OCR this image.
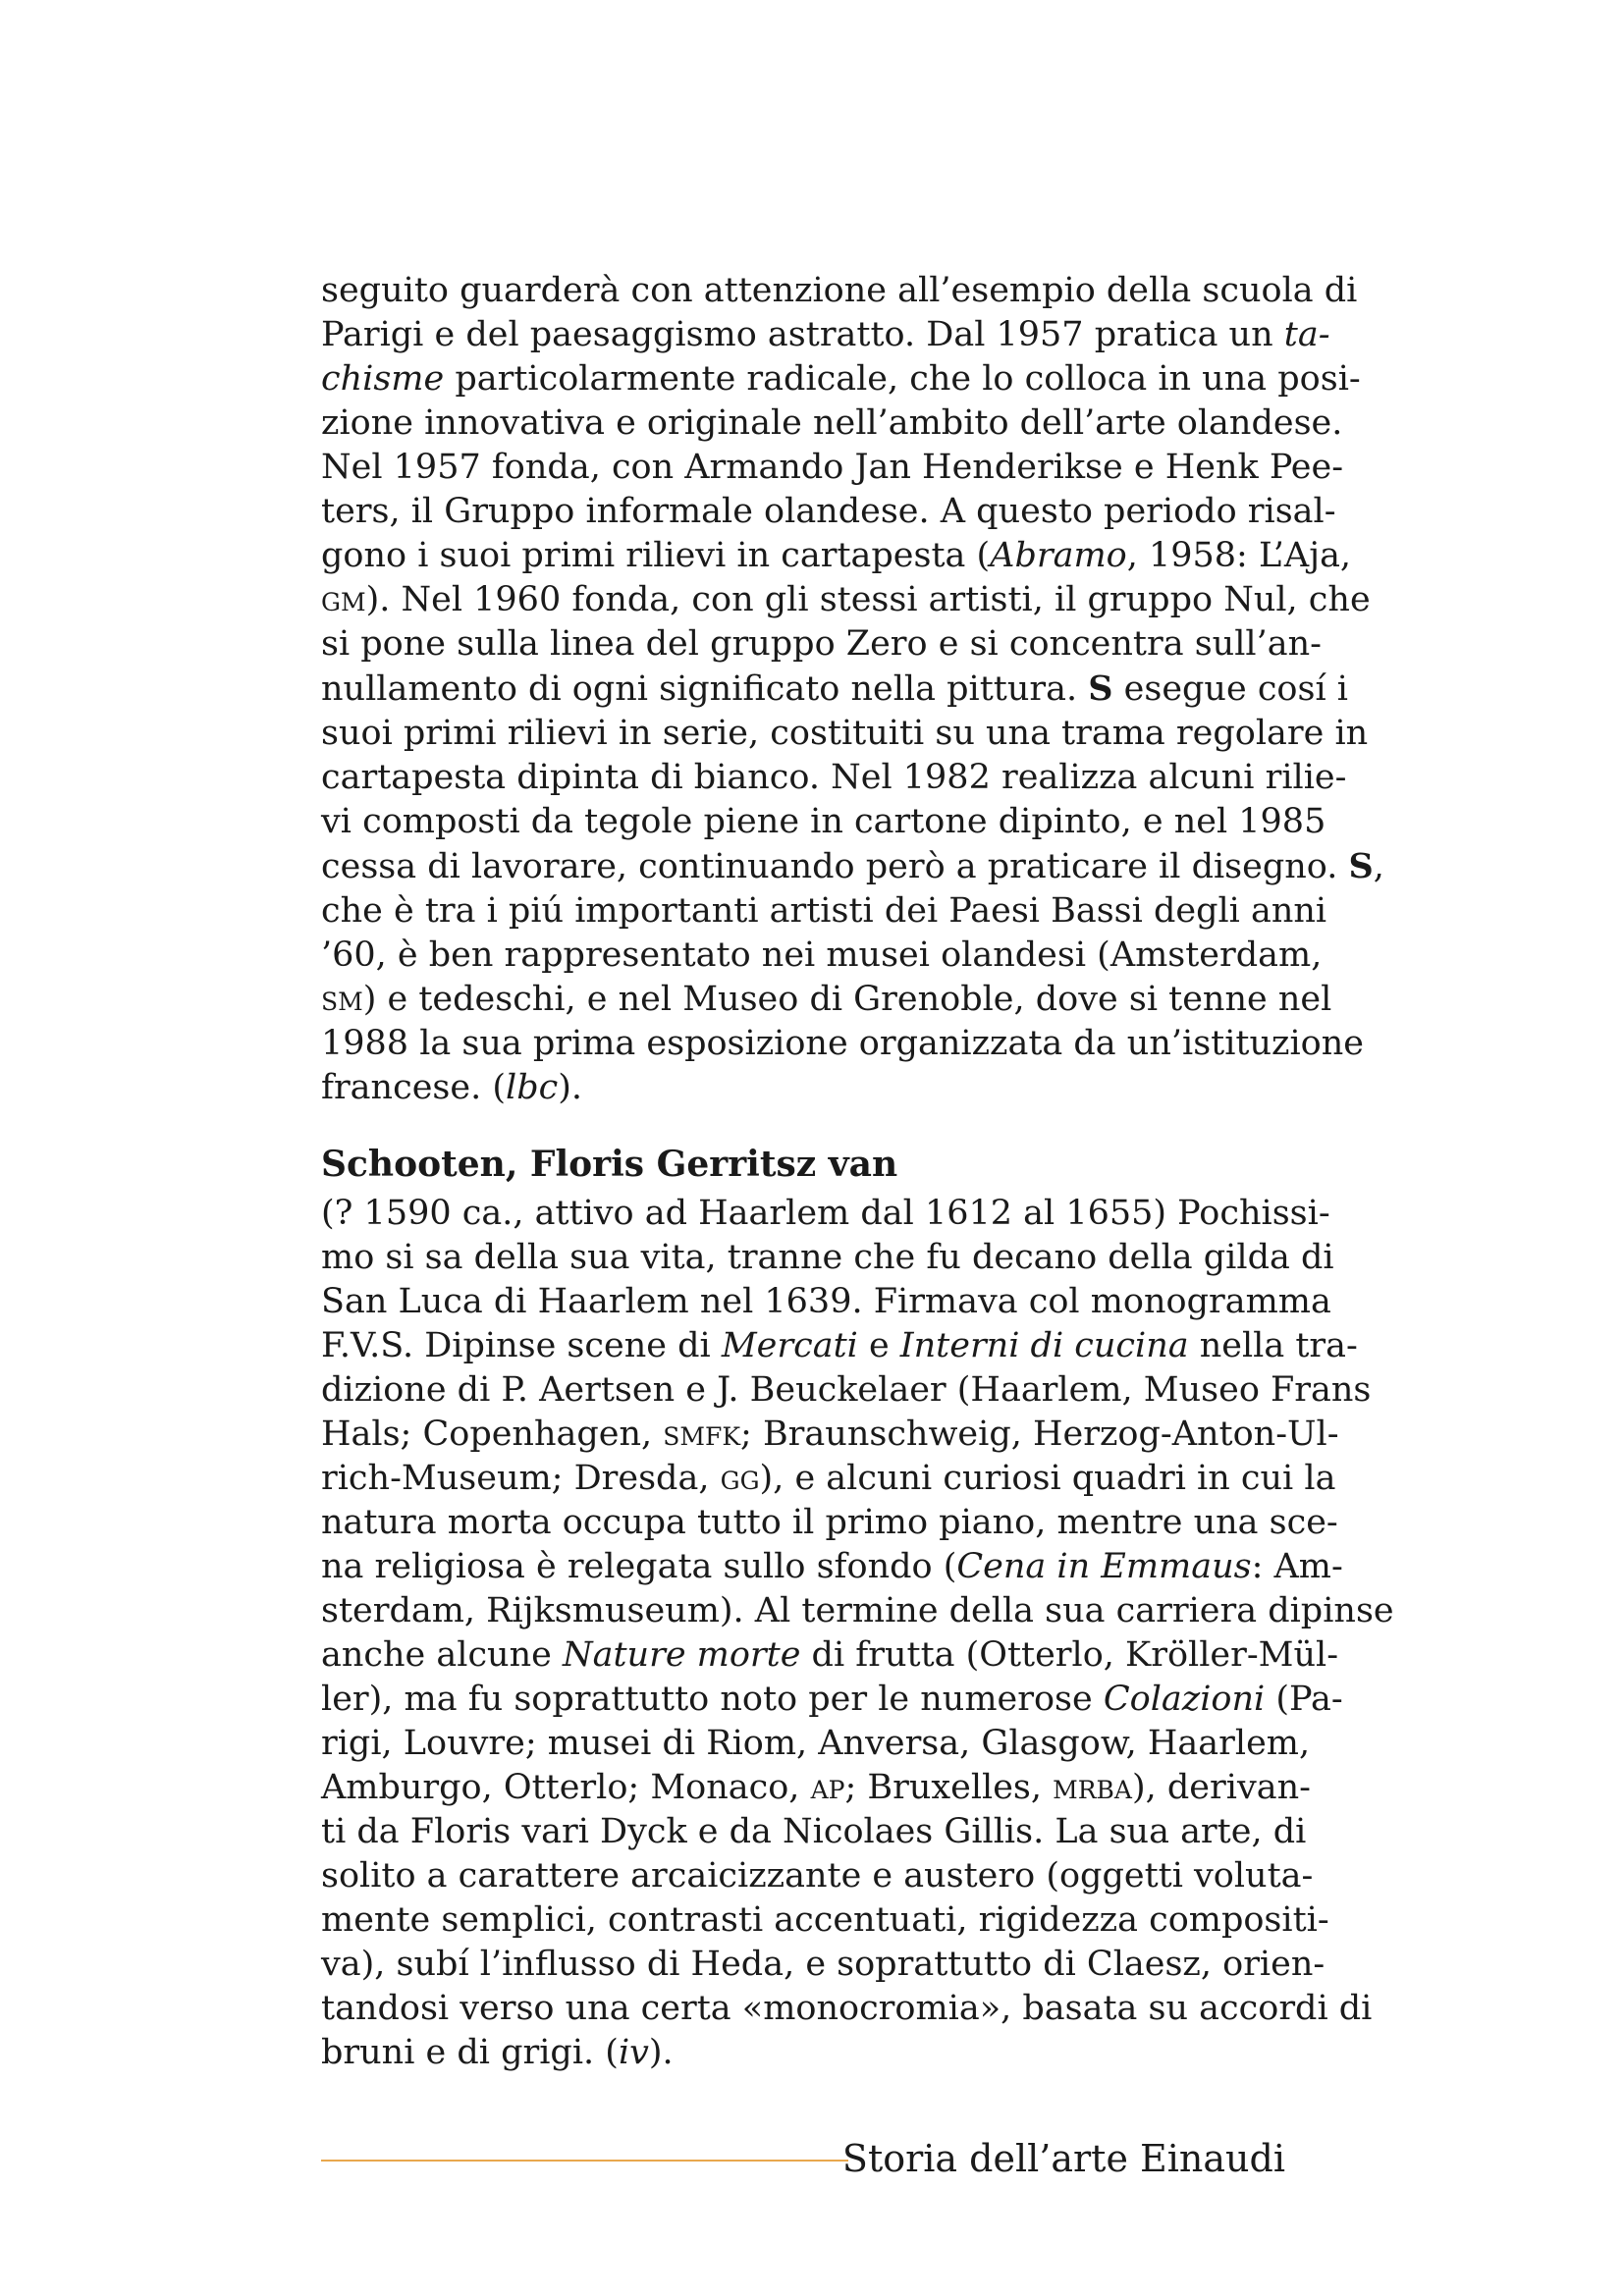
seguito guarderà con attenzione all’esempio della scuola di
Parigi e del paesaggismo astratto. Dal 1957 pratica un ta-
chisme particolarmente radicale, che lo colloca in una posi-
zione innovativa e originale nell’ambito dell’arte olandese.
Nel 1957 fonda, con Armando Jan Henderikse e Henk Pee-
ters, il Gruppo informale olandese. A questo periodo risal-
gono i suoi primi rilievi in cartapesta (Abramo, 1958: L’Aja,
gm). Nel 1960 fonda, con gli stessi artisti, il gruppo Nul, che
si pone sulla linea del gruppo Zero e si concentra sull’an-
nullamento di ogni significato nella pittura. S esegue cosí i
suoi primi rilievi in serie, costituiti su una trama regolare in
cartapesta dipinta di bianco. Nel 1982 realizza alcuni rilie-
vi composti da tegole piene in cartone dipinto, e nel 1985
cessa di lavorare, continuando però a praticare il disegno. S,
che è tra i piú importanti artisti dei Paesi Bassi degli anni
’60, è ben rappresentato nei musei olandesi (Amsterdam,
sm) e tedeschi, e nel Museo di Grenoble, dove si tenne nel
1988 la sua prima esposizione organizzata da un’istituzione
francese. (lbc).

Schooten, Floris Gerritsz van

(? 1590 ca., attivo ad Haarlem dal 1612 al 1655) Pochissi-
mo si sa della sua vita, tranne che fu decano della gilda di
San Luca di Haarlem nel 1639. Firmava col monogramma
F.V.S. Dipinse scene di Mercati e Interni di cucina nella tra-
dizione di P. Aertsen e J. Beuckelaer (Haarlem, Museo Frans
Hals; Copenhagen, smfk; Braunschweig, Herzog-Anton-Ul-
rich-Museum; Dresda, gg), e alcuni curiosi quadri in cui la
natura morta occupa tutto il primo piano, mentre una sce-
na religiosa è relegata sullo sfondo (Cena in Emmaus: Am-
sterdam, Rijksmuseum). Al termine della sua carriera dipinse
anche alcune Nature morte di frutta (Otterlo, Kröller-Mül-
ler), ma fu soprattutto noto per le numerose Colazioni (Pa-
rigi, Louvre; musei di Riom, Anversa, Glasgow, Haarlem,
Amburgo, Otterlo; Monaco, ap; Bruxelles, mrba), derivan-
ti da Floris vari Dyck e da Nicolaes Gillis. La sua arte, di
solito a carattere arcaicizzante e austero (oggetti voluta-
mente semplici, contrasti accentuati, rigidezza compositi-
va), subí l’influsso di Heda, e soprattutto di Claesz, orien-
tandosi verso una certa «monocromia», basata su accordi di
bruni e di grigi. (iv).

Storia dell’arte Einaudi
